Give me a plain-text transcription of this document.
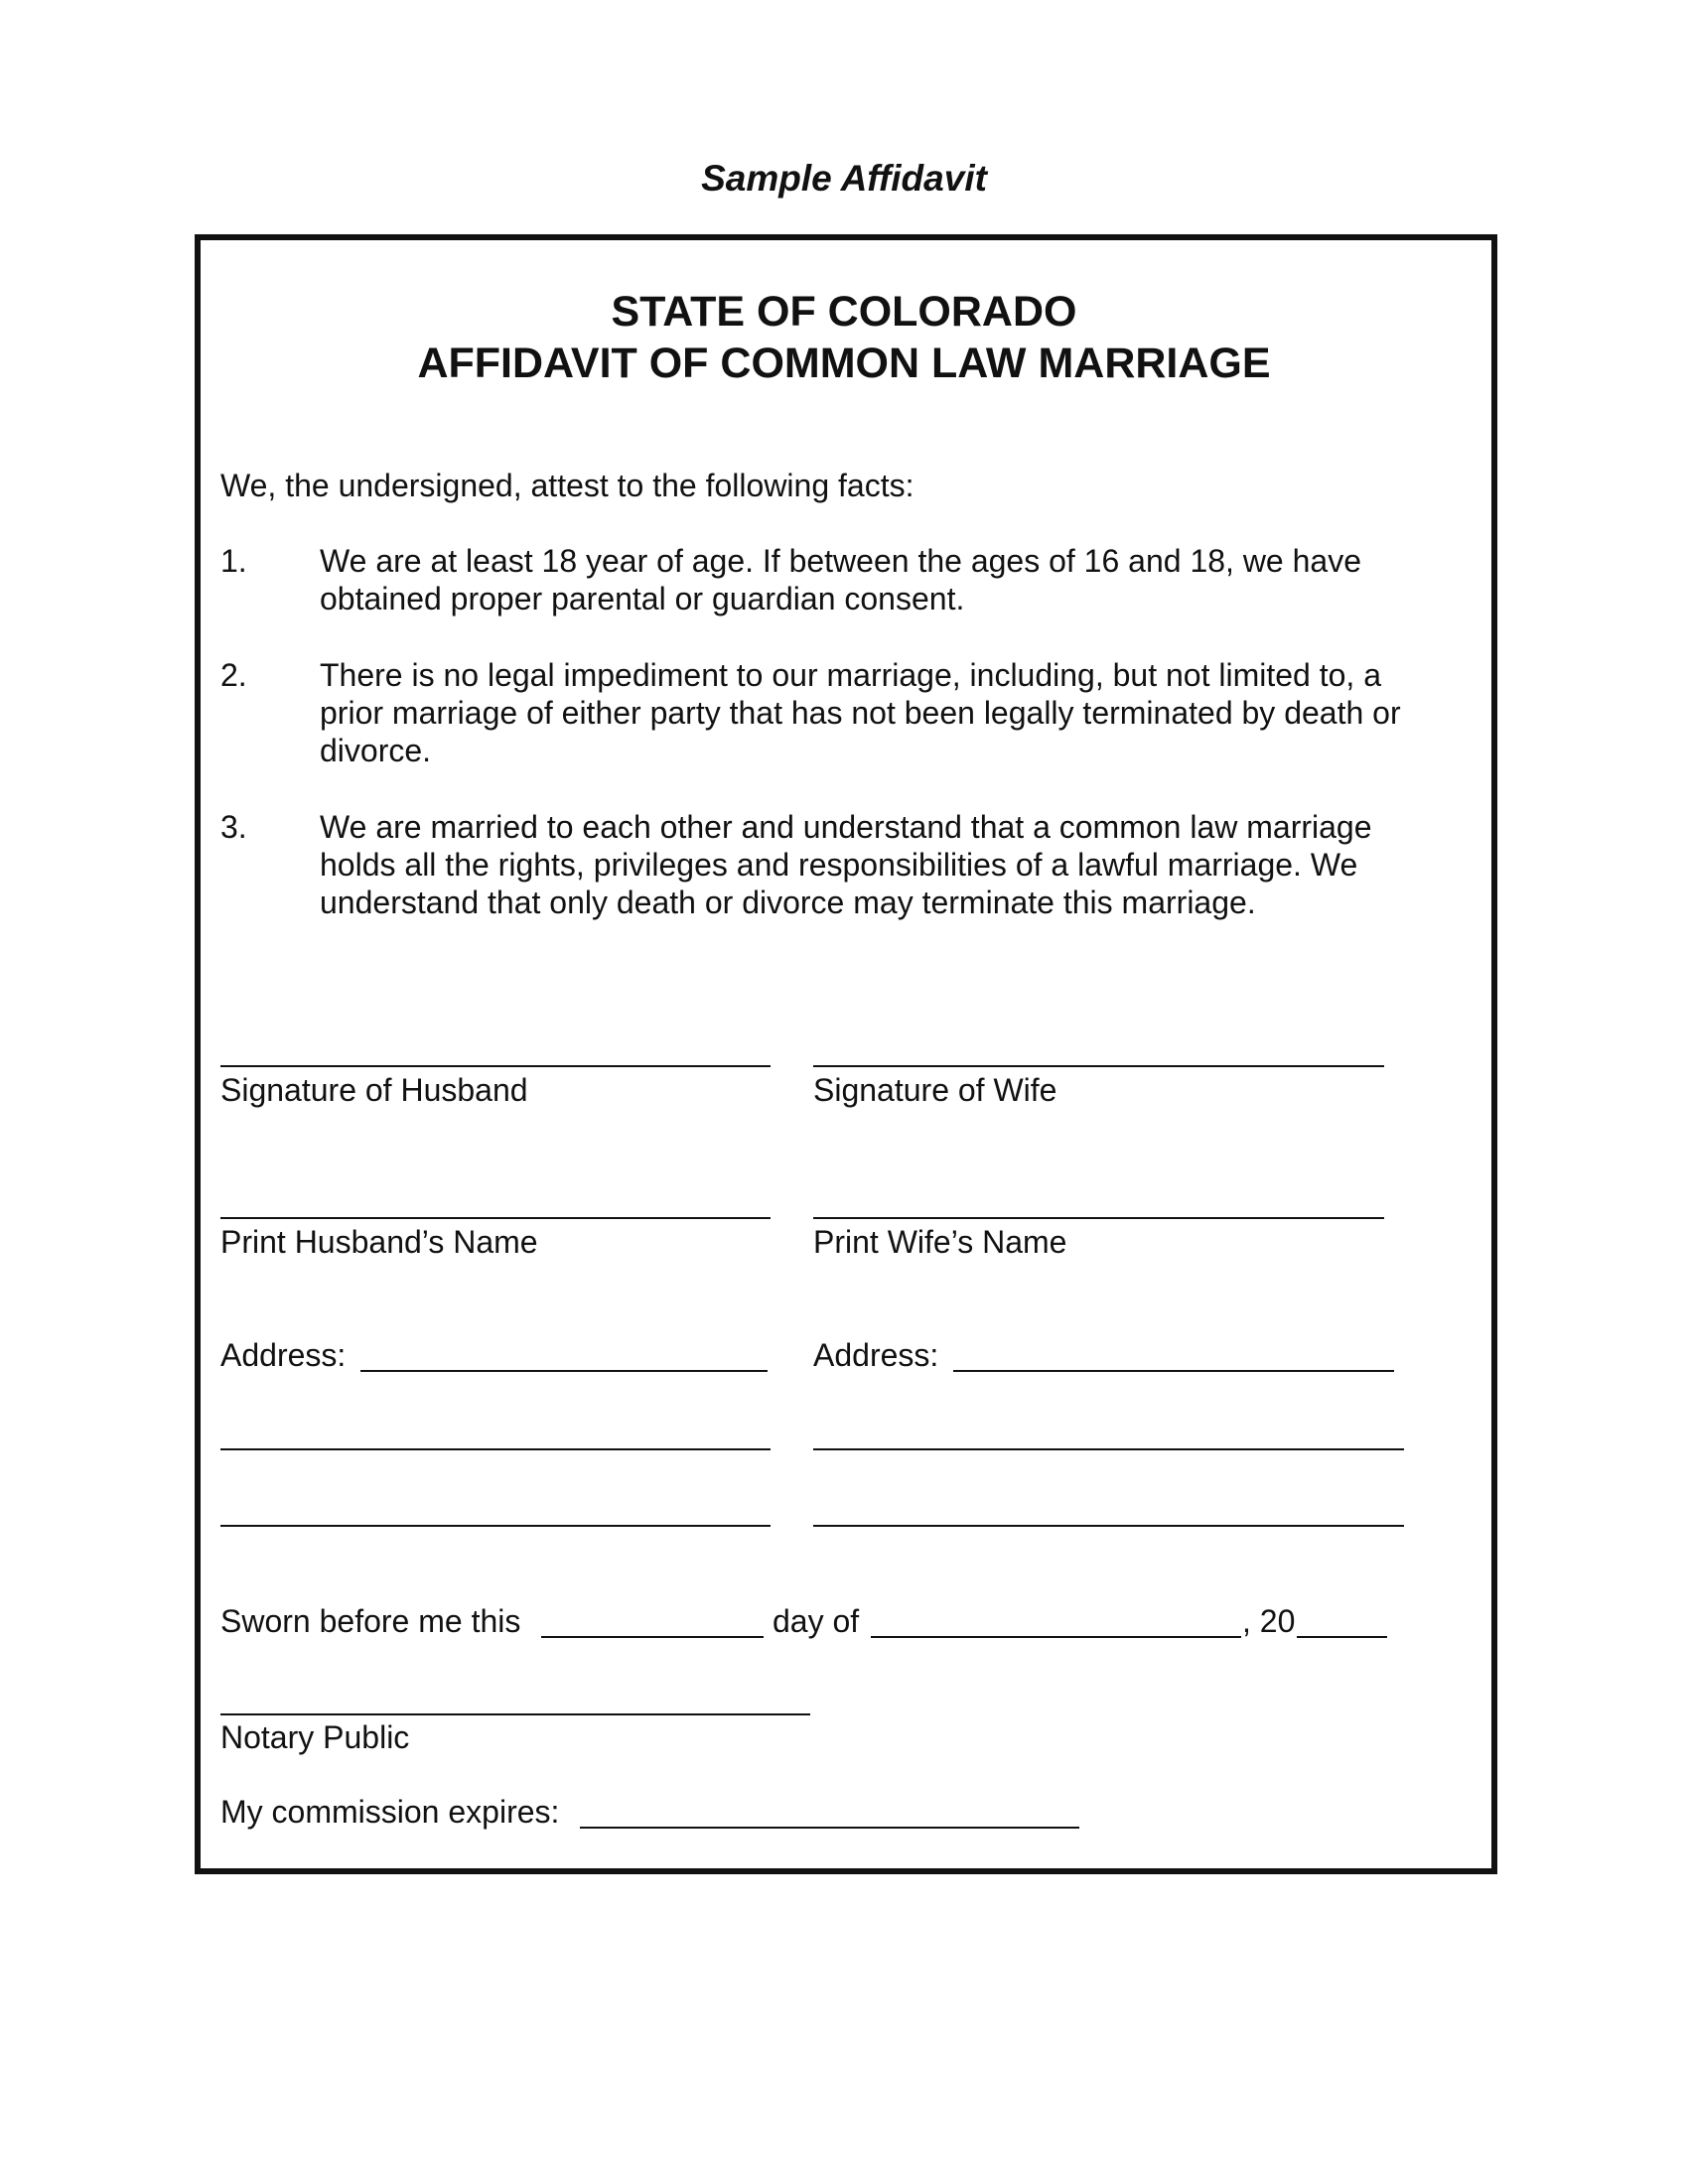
Sample Affidavit
STATE OF COLORADO
AFFIDAVIT OF COMMON LAW MARRIAGE
We, the undersigned, attest to the following facts:
1. We are at least 18 year of age. If between the ages of 16 and 18, we have
obtained proper parental or guardian consent.
2. There is no legal impediment to our marriage, including, but not limited to, a
prior marriage of either party that has not been legally terminated by death or
divorce.
3. We are married to each other and understand that a common law marriage
holds all the rights, privileges and responsibilities of a lawful marriage. We
understand that only death or divorce may terminate this marriage.
Signature of Husband	Signature of Wife
Print Husband’s Name	Print Wife’s Name
Address:	Address:
Sworn before me this	day of	, 20
Notary Public
My commission expires:
